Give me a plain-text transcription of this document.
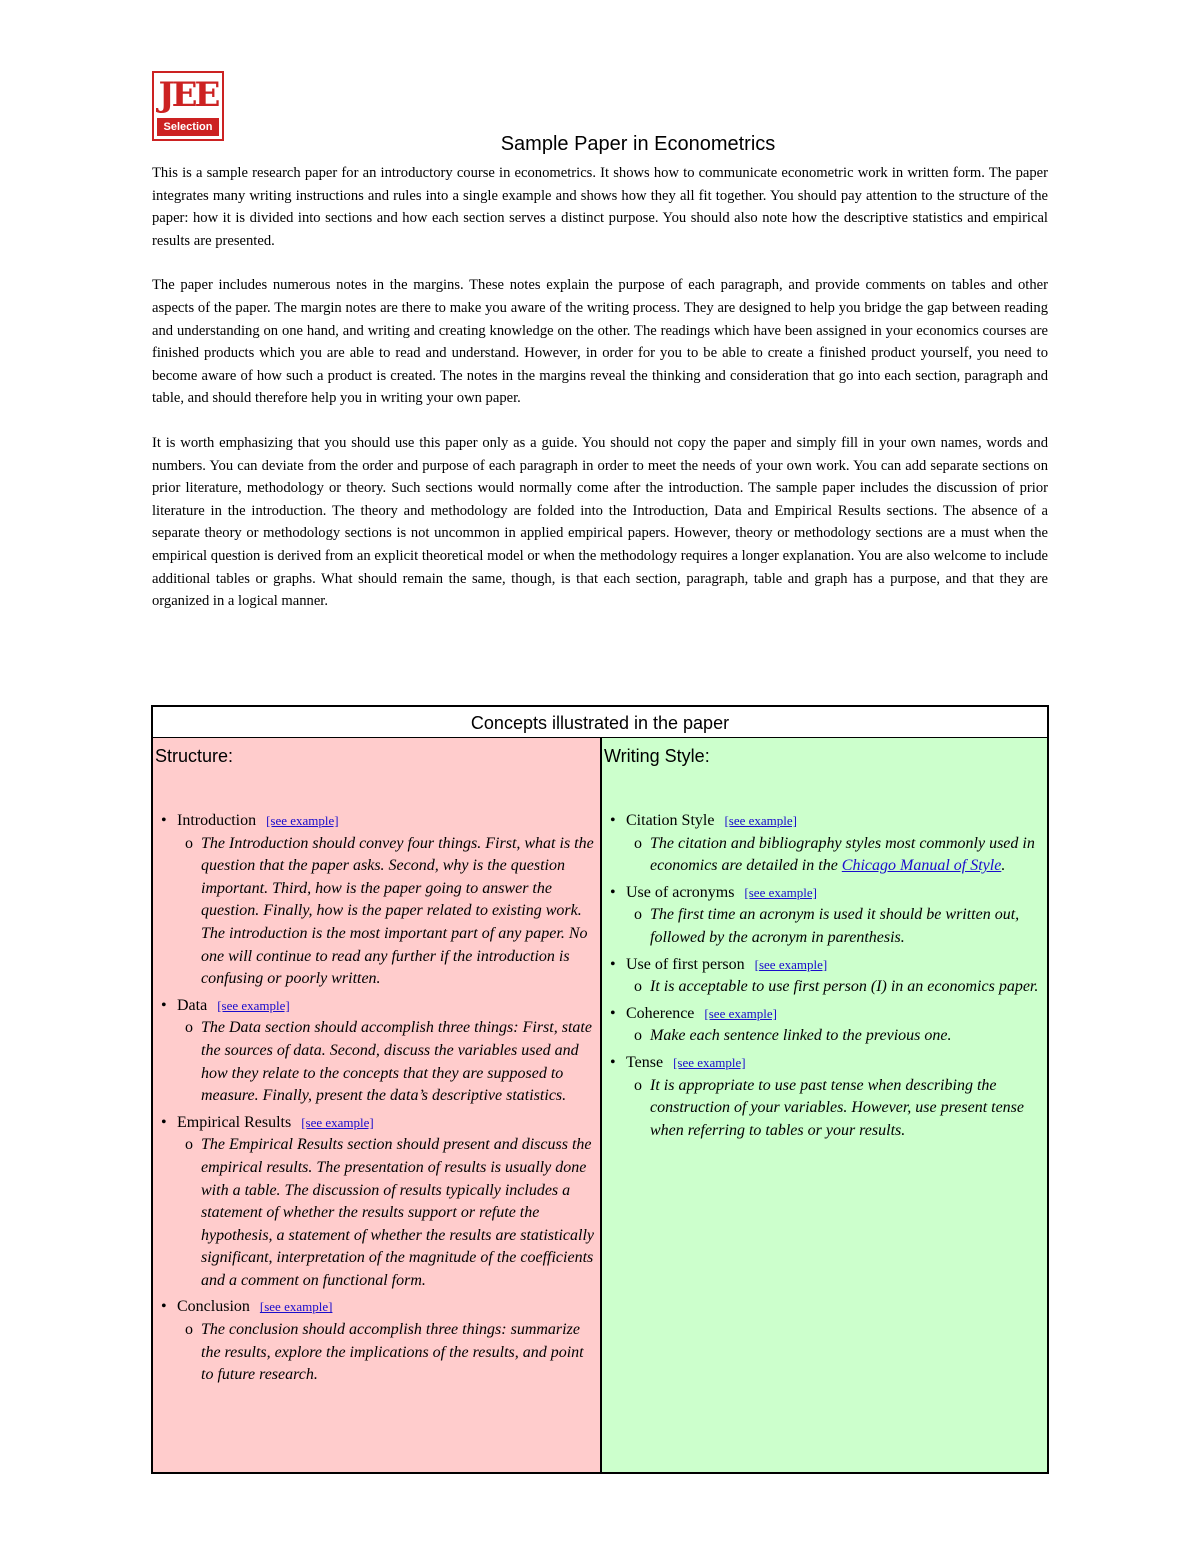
JEE
Selection
Sample Paper in Econometrics

This is a sample research paper for an introductory course in econometrics. It shows how to communicate econometric work in written form. The paper integrates many writing instructions and rules into a single example and shows how they all fit together. You should pay attention to the structure of the paper: how it is divided into sections and how each section serves a distinct purpose. You should also note how the descriptive statistics and empirical results are presented.

The paper includes numerous notes in the margins. These notes explain the purpose of each paragraph, and provide comments on tables and other aspects of the paper. The margin notes are there to make you aware of the writing process. They are designed to help you bridge the gap between reading and understanding on one hand, and writing and creating knowledge on the other. The readings which have been assigned in your economics courses are finished products which you are able to read and understand. However, in order for you to be able to create a finished product yourself, you need to become aware of how such a product is created. The notes in the margins reveal the thinking and consideration that go into each section, paragraph and table, and should therefore help you in writing your own paper.

It is worth emphasizing that you should use this paper only as a guide. You should not copy the paper and simply fill in your own names, words and numbers. You can deviate from the order and purpose of each paragraph in order to meet the needs of your own work. You can add separate sections on prior literature, methodology or theory. Such sections would normally come after the introduction. The sample paper includes the discussion of prior literature in the introduction. The theory and methodology are folded into the Introduction, Data and Empirical Results sections. The absence of a separate theory or methodology sections is not uncommon in applied empirical papers. However, theory or methodology sections are a must when the empirical question is derived from an explicit theoretical model or when the methodology requires a longer explanation. You are also welcome to include additional tables or graphs. What should remain the same, though, is that each section, paragraph, table and graph has a purpose, and that they are organized in a logical manner.

Concepts illustrated in the paper
Structure:
• Introduction [see example]
o The Introduction should convey four things. First, what is the question that the paper asks. Second, why is the question important. Third, how is the paper going to answer the question. Finally, how is the paper related to existing work. The introduction is the most important part of any paper. No one will continue to read any further if the introduction is confusing or poorly written.
• Data [see example]
o The Data section should accomplish three things: First, state the sources of data. Second, discuss the variables used and how they relate to the concepts that they are supposed to measure. Finally, present the data’s descriptive statistics.
• Empirical Results [see example]
o The Empirical Results section should present and discuss the empirical results. The presentation of results is usually done with a table. The discussion of results typically includes a statement of whether the results support or refute the hypothesis, a statement of whether the results are statistically significant, interpretation of the magnitude of the coefficients and a comment on functional form.
• Conclusion [see example]
o The conclusion should accomplish three things: summarize the results, explore the implications of the results, and point to future research.
Writing Style:
• Citation Style [see example]
o The citation and bibliography styles most commonly used in economics are detailed in the Chicago Manual of Style.
• Use of acronyms [see example]
o The first time an acronym is used it should be written out, followed by the acronym in parenthesis.
• Use of first person [see example]
o It is acceptable to use first person (I) in an economics paper.
• Coherence [see example]
o Make each sentence linked to the previous one.
• Tense [see example]
o It is appropriate to use past tense when describing the construction of your variables. However, use present tense when referring to tables or your results.
